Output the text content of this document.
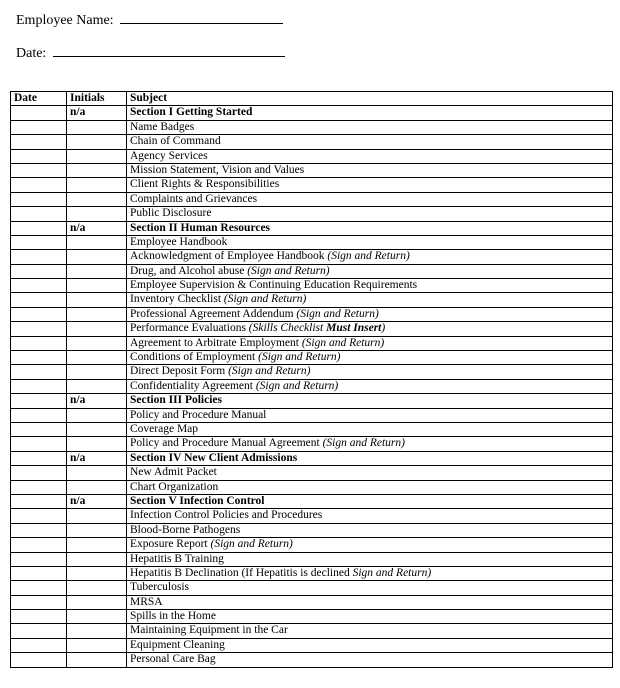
Employee Name:
Date:
Date	Initials	Subject
	n/a	Section I Getting Started
		Name Badges
		Chain of Command
		Agency Services
		Mission Statement, Vision and Values
		Client Rights & Responsibilities
		Complaints and Grievances
		Public Disclosure
	n/a	Section II Human Resources
		Employee Handbook
		Acknowledgment of Employee Handbook (Sign and Return)
		Drug, and Alcohol abuse (Sign and Return)
		Employee Supervision & Continuing Education Requirements
		Inventory Checklist (Sign and Return)
		Professional Agreement Addendum (Sign and Return)
		Performance Evaluations (Skills Checklist Must Insert)
		Agreement to Arbitrate Employment (Sign and Return)
		Conditions of Employment (Sign and Return)
		Direct Deposit Form (Sign and Return)
		Confidentiality Agreement (Sign and Return)
	n/a	Section III Policies
		Policy and Procedure Manual
		Coverage Map
		Policy and Procedure Manual Agreement (Sign and Return)
	n/a	Section IV New Client Admissions
		New Admit Packet
		Chart Organization
	n/a	Section V Infection Control
		Infection Control Policies and Procedures
		Blood-Borne Pathogens
		Exposure Report (Sign and Return)
		Hepatitis B Training
		Hepatitis B Declination (If Hepatitis is declined Sign and Return)
		Tuberculosis
		MRSA
		Spills in the Home
		Maintaining Equipment in the Car
		Equipment Cleaning
		Personal Care Bag
